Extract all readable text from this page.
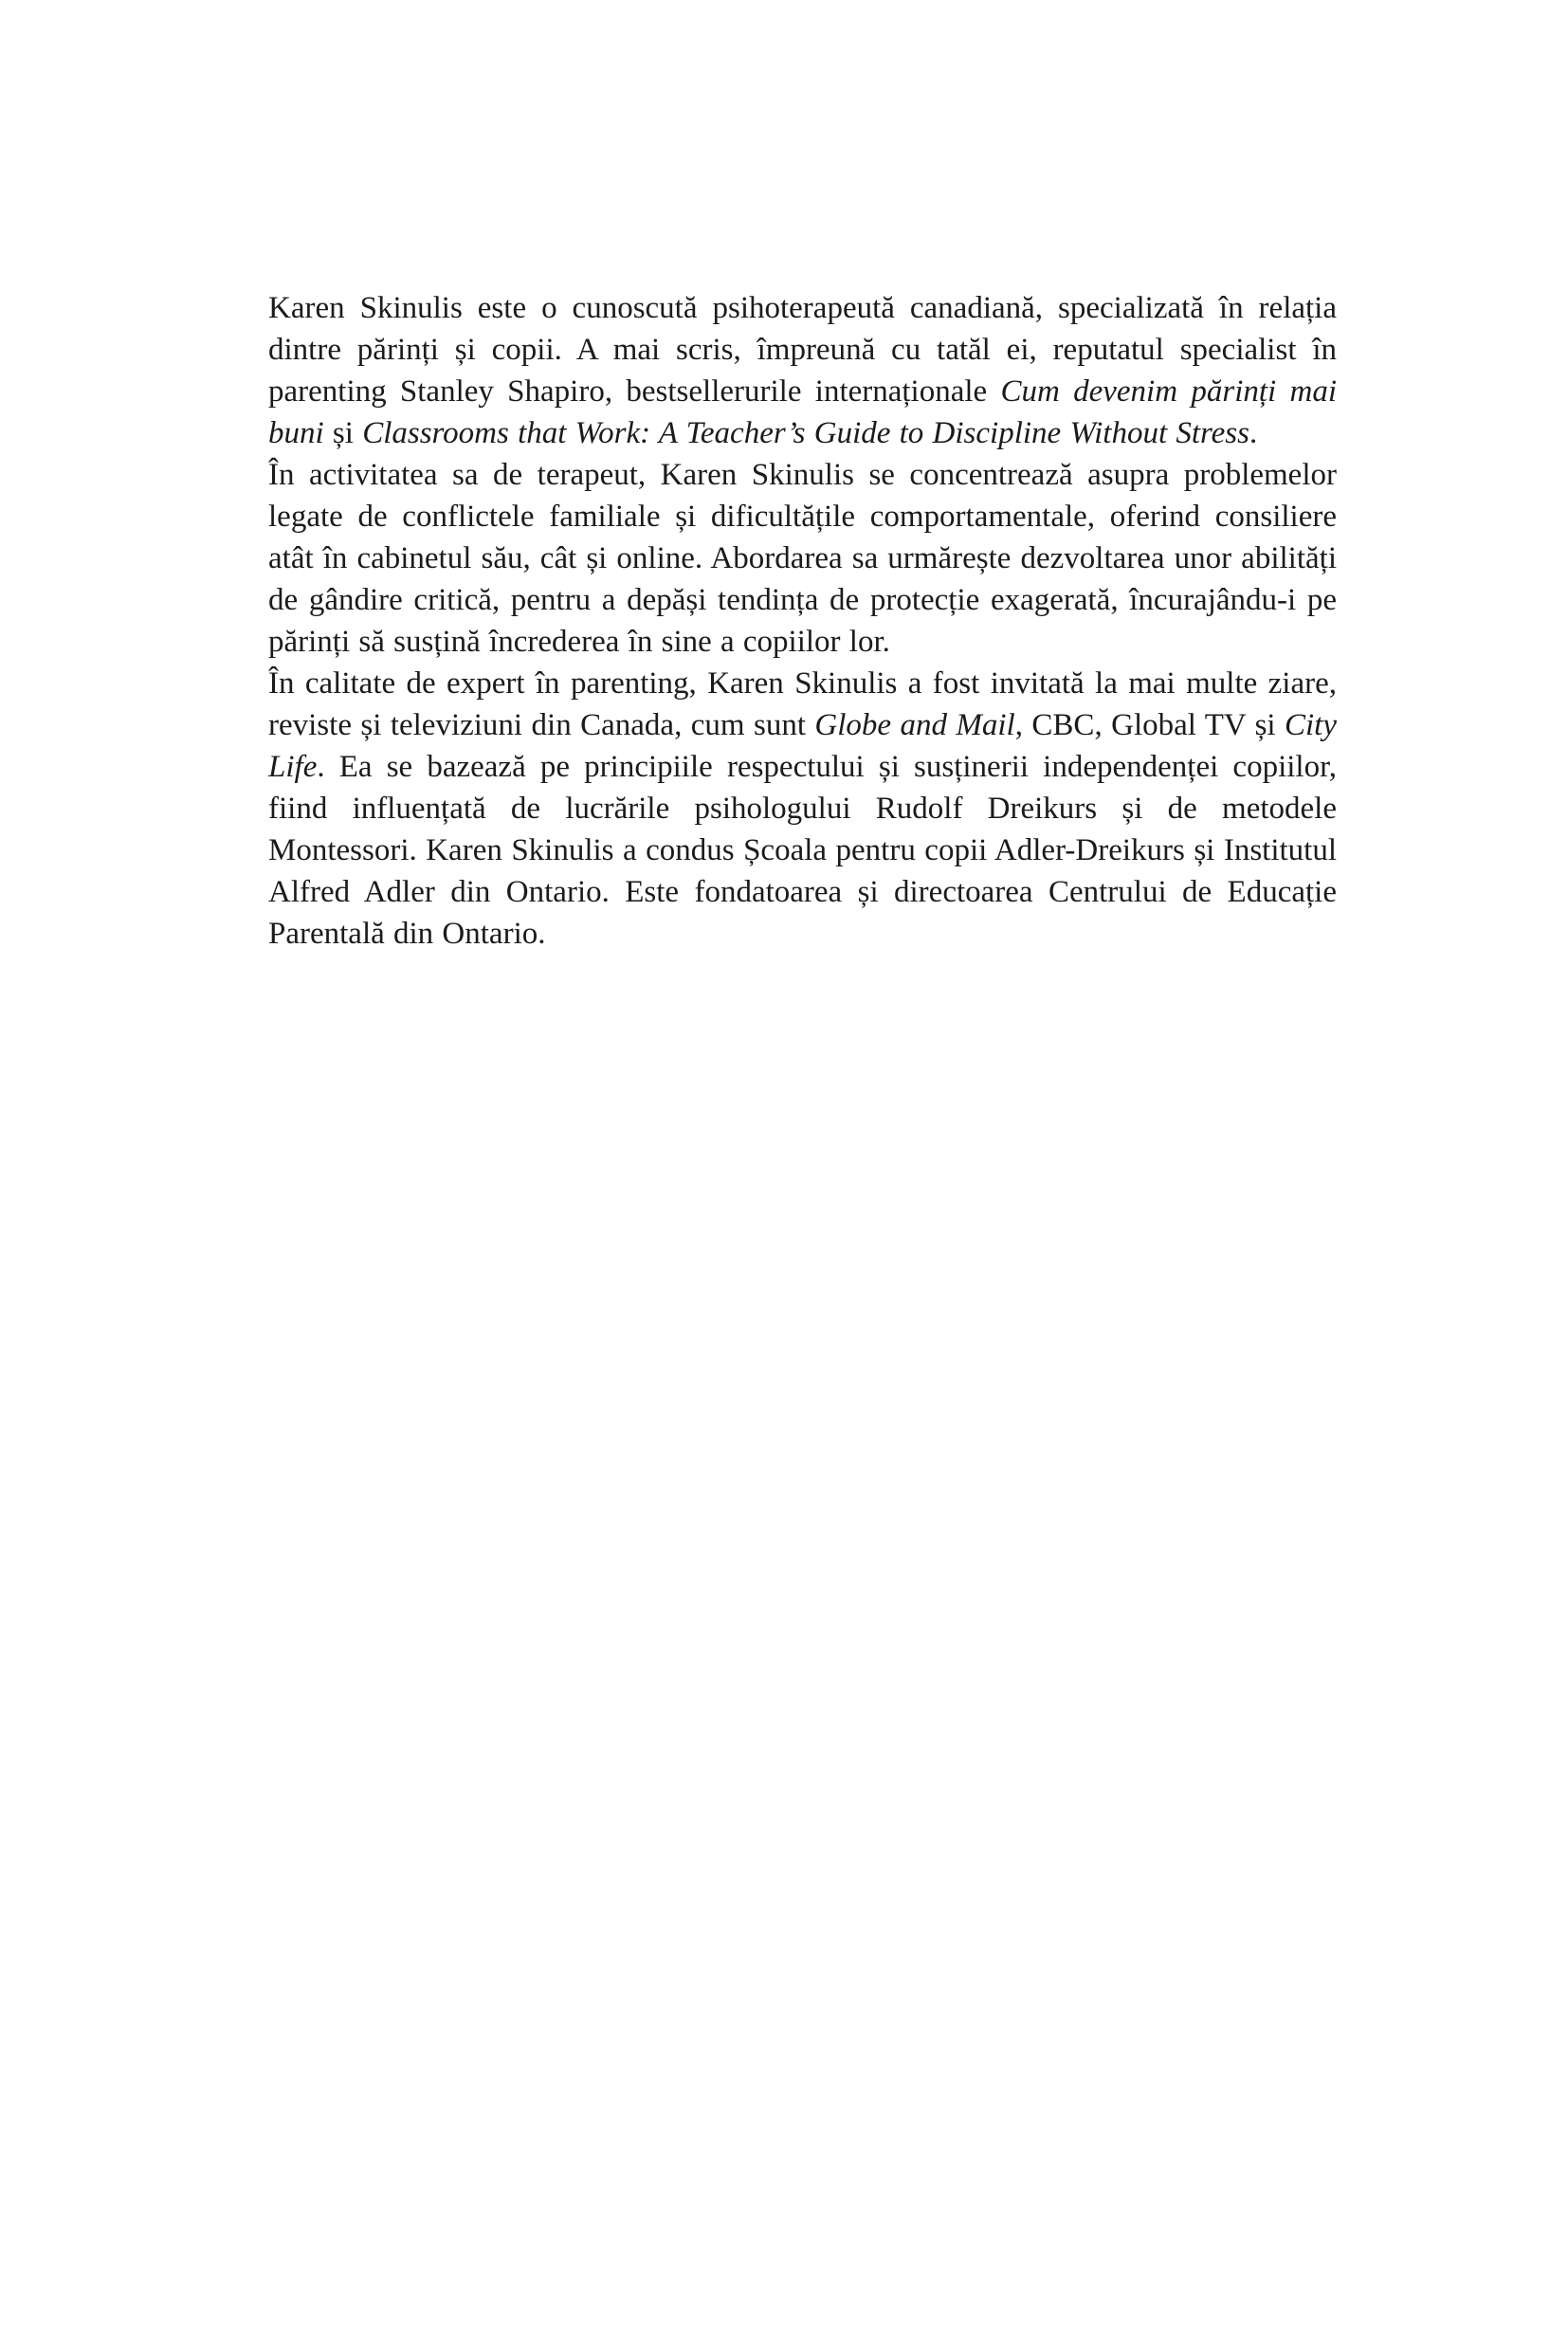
Karen Skinulis este o cunoscută psihoterapeută canadiană, specializată în relația dintre părinți și copii. A mai scris, împreună cu tatăl ei, reputatul specialist în parenting Stanley Shapiro, bestsellerurile internaționale Cum devenim părinți mai buni și Classrooms that Work: A Teacher’s Guide to Discipline Without Stress.

În activitatea sa de terapeut, Karen Skinulis se concentrează asupra problemelor legate de conflictele familiale și dificultățile comportamentale, oferind consiliere atât în cabinetul său, cât și online. Abordarea sa urmărește dezvoltarea unor abilități de gândire critică, pentru a depăși tendința de protecție exagerată, încurajându-i pe părinți să susțină încrederea în sine a copiilor lor.

În calitate de expert în parenting, Karen Skinulis a fost invitată la mai multe ziare, reviste și televiziuni din Canada, cum sunt Globe and Mail, CBC, Global TV și City Life. Ea se bazează pe principiile respectului și susținerii independenței copiilor, fiind influențată de lucrările psihologului Rudolf Dreikurs și de metodele Montessori. Karen Skinulis a condus Școala pentru copii Adler-Dreikurs și Institutul Alfred Adler din Ontario. Este fondatoarea și directoarea Centrului de Educație Parentală din Ontario.
